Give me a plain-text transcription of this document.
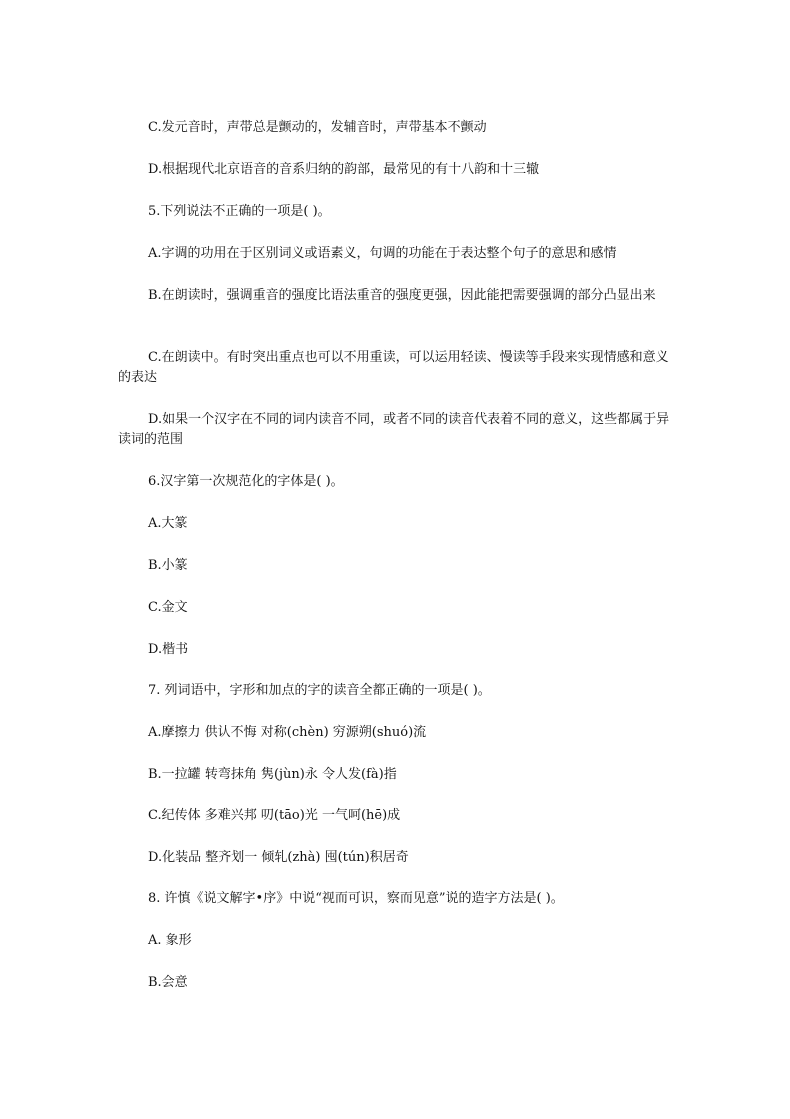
C.发元音时，声带总是颤动的，发辅音时，声带基本不颤动
D.根据现代北京语音的音系归纳的韵部，最常见的有十八韵和十三辙
5.下列说法不正确的一项是( )。
A.字调的功用在于区别词义或语素义，句调的功能在于表达整个句子的意思和感情
B.在朗读时，强调重音的强度比语法重音的强度更强，因此能把需要强调的部分凸显出来
C.在朗读中。有时突出重点也可以不用重读，可以运用轻读、慢读等手段来实现情感和意义的表达
D.如果一个汉字在不同的词内读音不同，或者不同的读音代表着不同的意义，这些都属于异读词的范围
6.汉字第一次规范化的字体是( )。
A.大篆
B.小篆
C.金文
D.楷书
7. 列词语中，字形和加点的字的读音全都正确的一项是( )。
A.摩擦力 供认不悔 对称(chèn) 穷源朔(shuó)流
B.一拉罐 转弯抹角 隽(jùn)永 令人发(fà)指
C.纪传体 多难兴邦 叨(tāo)光 一气呵(hē)成
D.化装品 整齐划一 倾轧(zhà) 囤(tún)积居奇
8. 许慎《说文解字•序》中说“视而可识，察而见意”说的造字方法是( )。
A. 象形
B.会意
